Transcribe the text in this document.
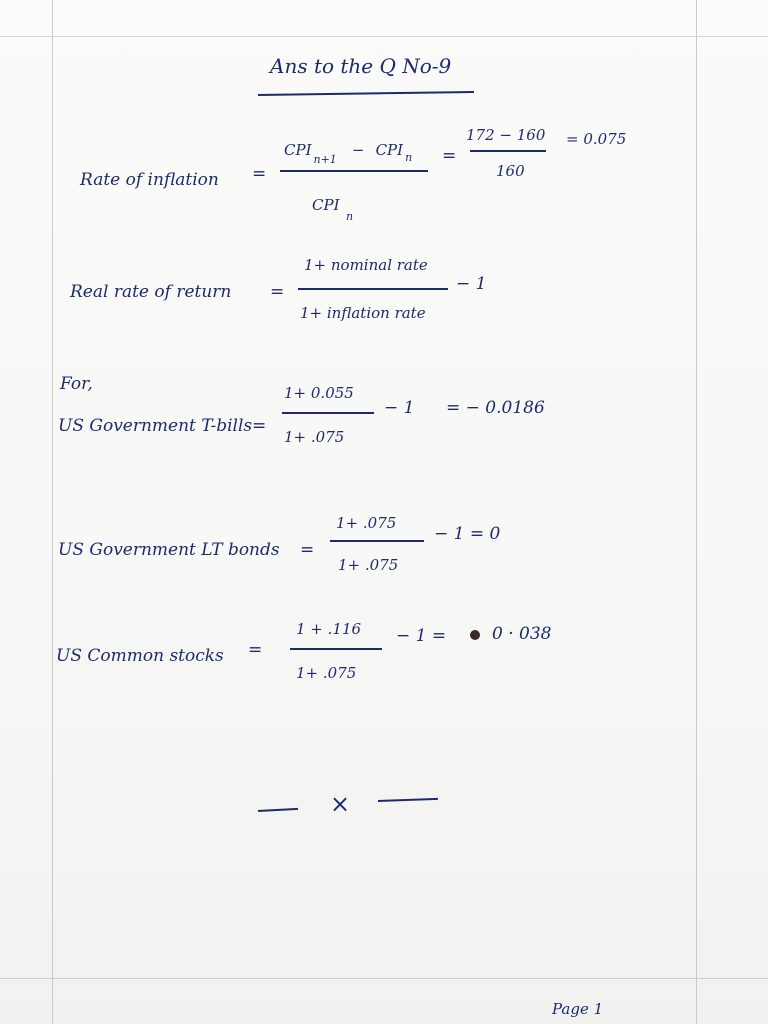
Ans to the Q No-9
Rate of inflation =
$CPI_{n+1}$ − CPI $_n$
CPI
n
=
172 − 160
160
= 0.075
Real rate of return =
1+ nominal rate
1+ inflation rate
− 1
For,
US Government T-bills =
1+ 0.055
1+ .075
− 1 = − 0.0186
US Government LT bonds =
1+ .075
1+ .075
− 1 = 0
US Common stocks =
1 + .116
1+ .075
− 1 =	0 · 038
×
Page 1
